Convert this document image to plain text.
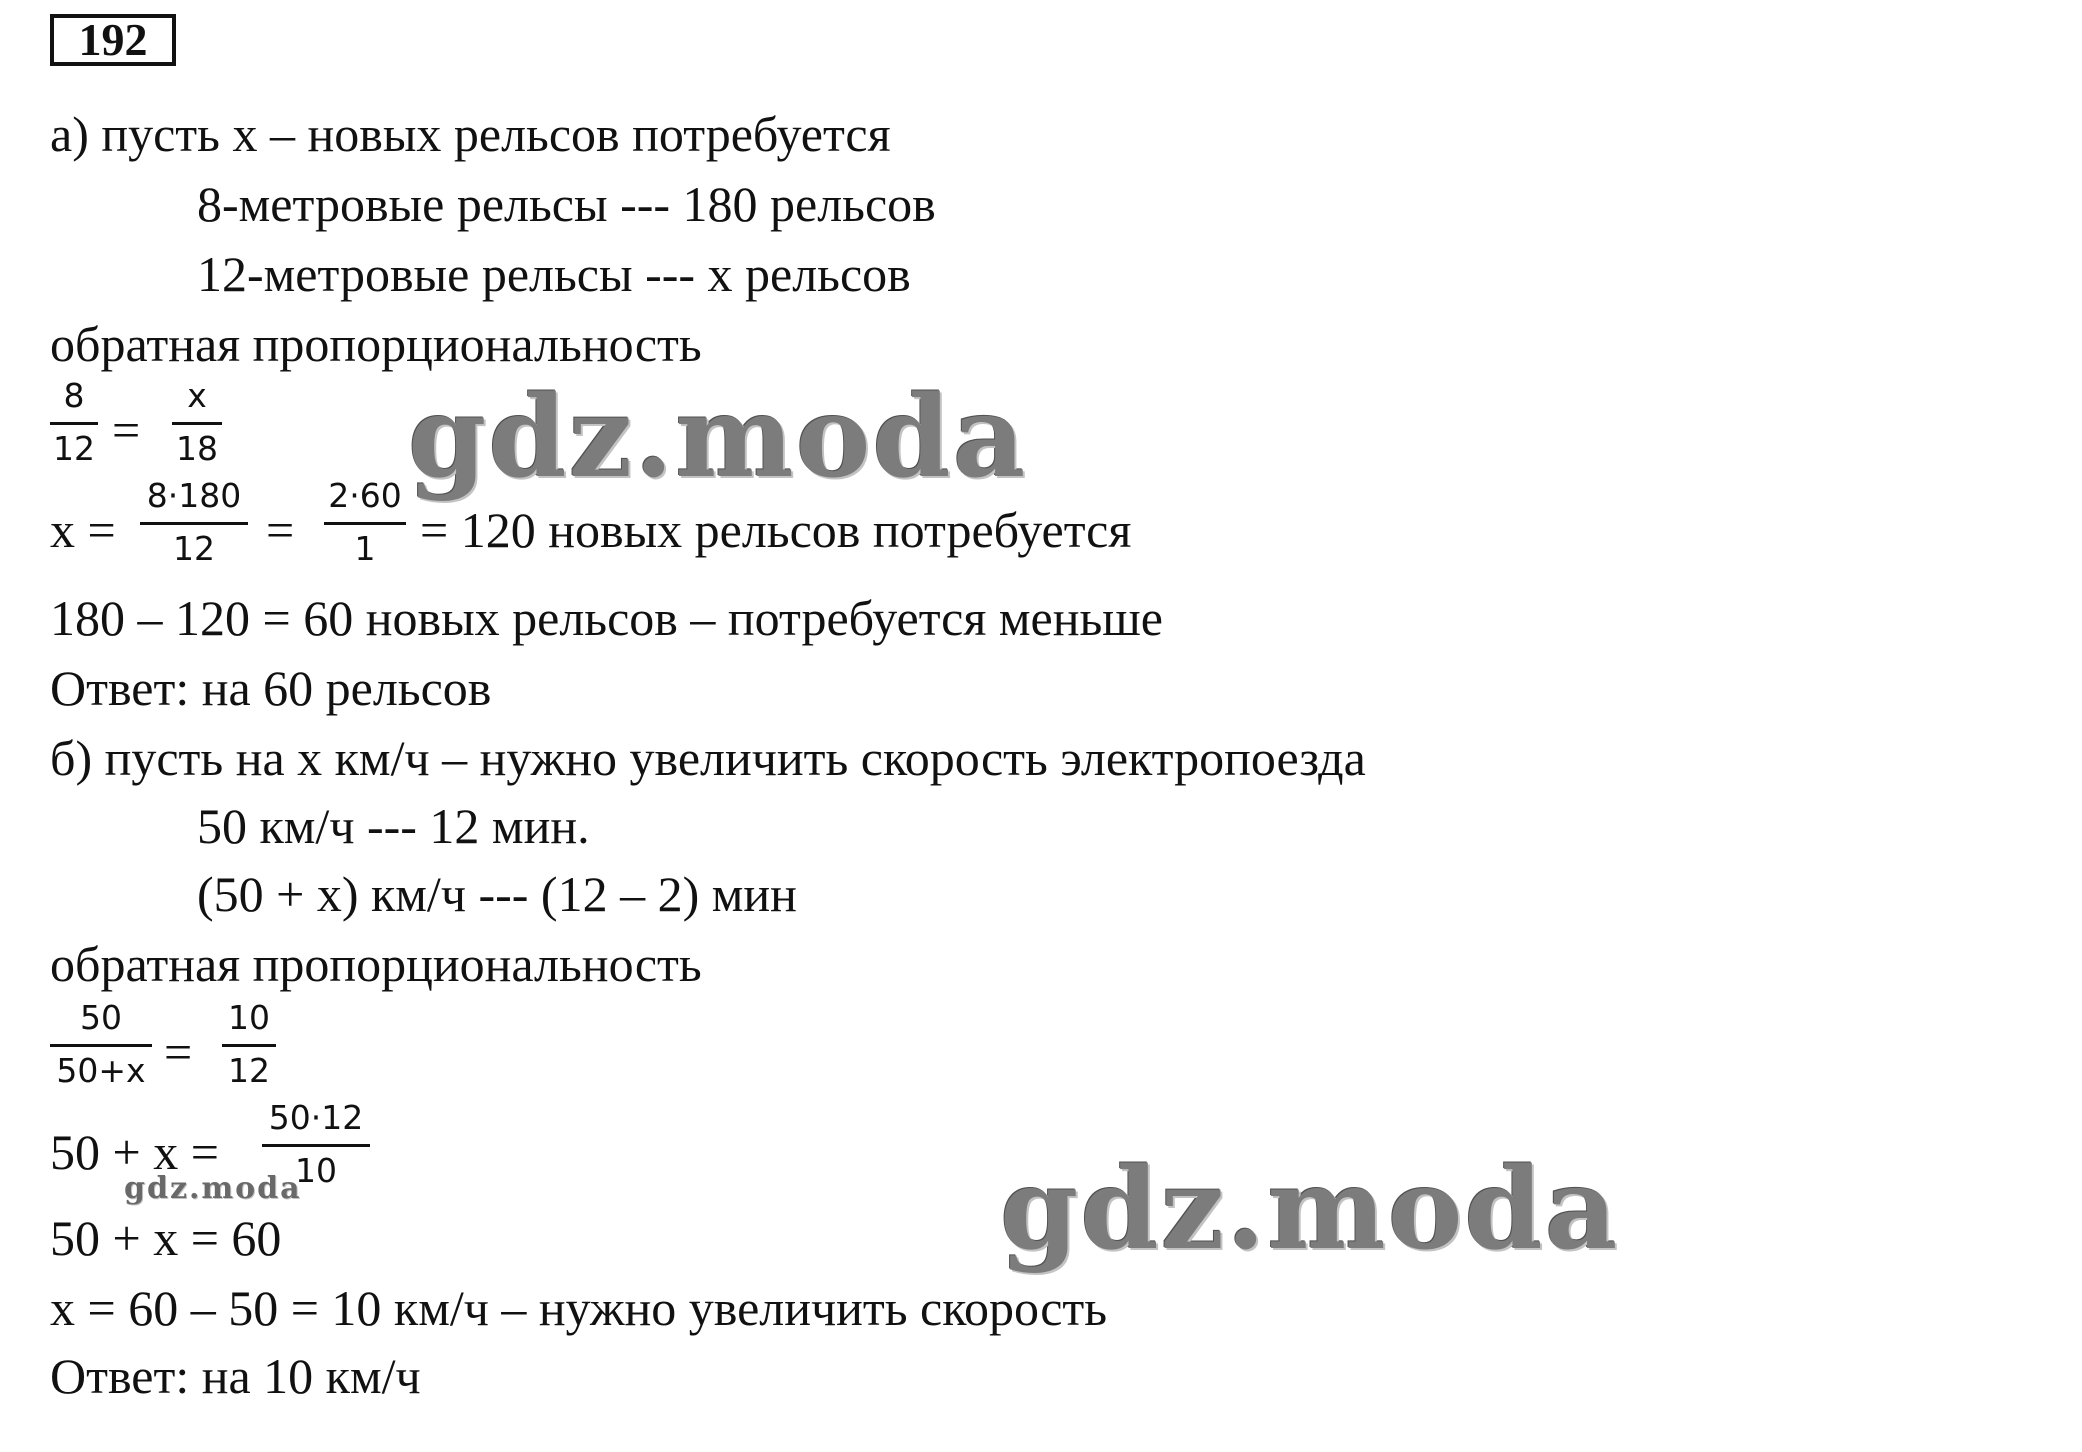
192
а) пусть х – новых рельсов потребуется
8-метровые рельсы --- 180 рельсов
12-метровые рельсы --- х рельсов
обратная пропорциональность
8
12 =
x
18
х =
8·180
12	=
2·60
1 = 120 новых рельсов потребуется
180 – 120 = 60 новых рельсов – потребуется меньше
Ответ: на 60 рельсов
б) пусть на х км/ч – нужно увеличить скорость электропоезда
50 км/ч --- 12 мин.
(50 + х) км/ч --- (12 – 2) мин
обратная пропорциональность
50
50+x =
10
12
50 + х =
50·12
10
50 + х = 60
х = 60 – 50 = 10 км/ч – нужно увеличить скорость
Ответ: на 10 км/ч
gdz.moda
gdz.moda
gdz.moda
